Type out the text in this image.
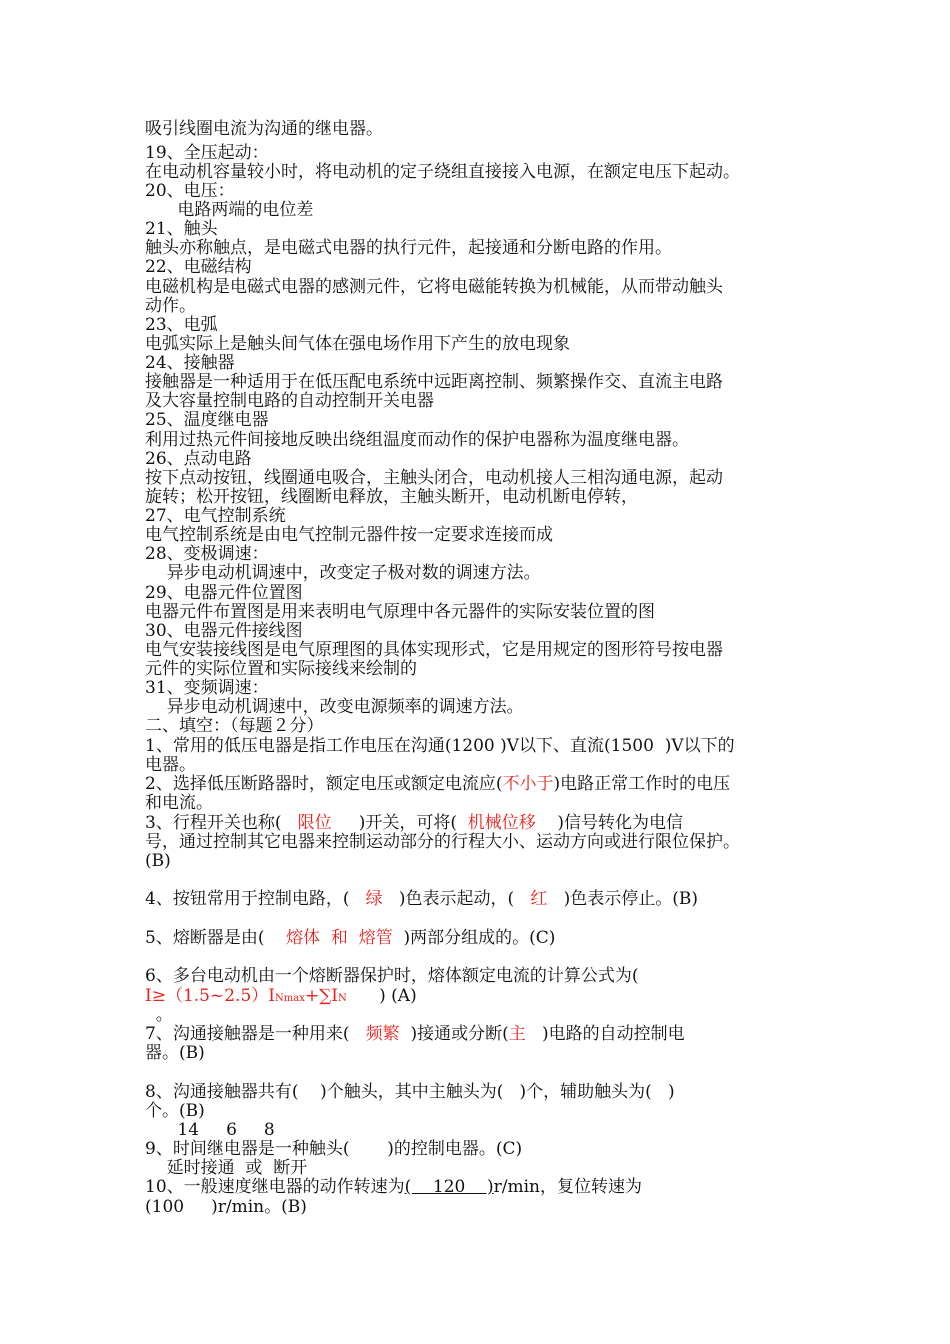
吸引线圈电流为沟通的继电器。
19、全压起动：
在电动机容量较小时，将电动机的定子绕组直接接入电源，在额定电压下起动。
20、电压：
电路两端的电位差
21、触头
触头亦称触点，是电磁式电器的执行元件，起接通和分断电路的作用。
22、电磁结构
电磁机构是电磁式电器的感测元件，它将电磁能转换为机械能，从而带动触头
动作。
23、电弧
电弧实际上是触头间气体在强电场作用下产生的放电现象
24、接触器
接触器是一种适用于在低压配电系统中远距离控制、频繁操作交、直流主电路
及大容量控制电路的自动控制开关电器
25、温度继电器
利用过热元件间接地反映出绕组温度而动作的保护电器称为温度继电器。
26、点动电路
按下点动按钮，线圈通电吸合，主触头闭合，电动机接人三相沟通电源，起动
旋转；松开按钮，线圈断电释放，主触头断开，电动机断电停转，
27、电气控制系统
电气控制系统是由电气控制元器件按一定要求连接而成
28、变极调速：
异步电动机调速中，改变定子极对数的调速方法。
29、电器元件位置图
电器元件布置图是用来表明电气原理中各元器件的实际安装位置的图
30、电器元件接线图
电气安装接线图是电气原理图的具体实现形式，它是用规定的图形符号按电器
元件的实际位置和实际接线来绘制的
31、变频调速：
异步电动机调速中，改变电源频率的调速方法。
二、填空：（每题２分）
1、常用的低压电器是指工作电压在沟通(1200 )V以下、直流(1500  )V以下的
电器。
2、选择低压断路器时，额定电压或额定电流应(不小于)电路正常工作时的电压
和电流。
3、行程开关也称(   限位     )开关，可将(  机械位移    )信号转化为电信
号，通过控制其它电器来控制运动部分的行程大小、运动方向或进行限位保护。
(B)
4、按钮常用于控制电路，(   绿   )色表示起动，(   红   )色表示停止。(B)
5、熔断器是由(    熔体  和  熔管  )两部分组成的。(C)
6、多台电动机由一个熔断器保护时，熔体额定电流的计算公式为(
I≥（1.5~2.5）INmax+∑IN      ) (A)
。
7、沟通接触器是一种用来(   频繁  )接通或分断(主   )电路的自动控制电
器。(B)
8、沟通接触器共有(    )个触头，其中主触头为(   )个，辅助触头为(   )
个。(B)
14     6     8
9、时间继电器是一种触头(       )的控制电器。(C)
延时接通  或  断开
10、一般速度继电器的动作转速为(    120    )r/min，复位转速为
(100     )r/min。(B)
